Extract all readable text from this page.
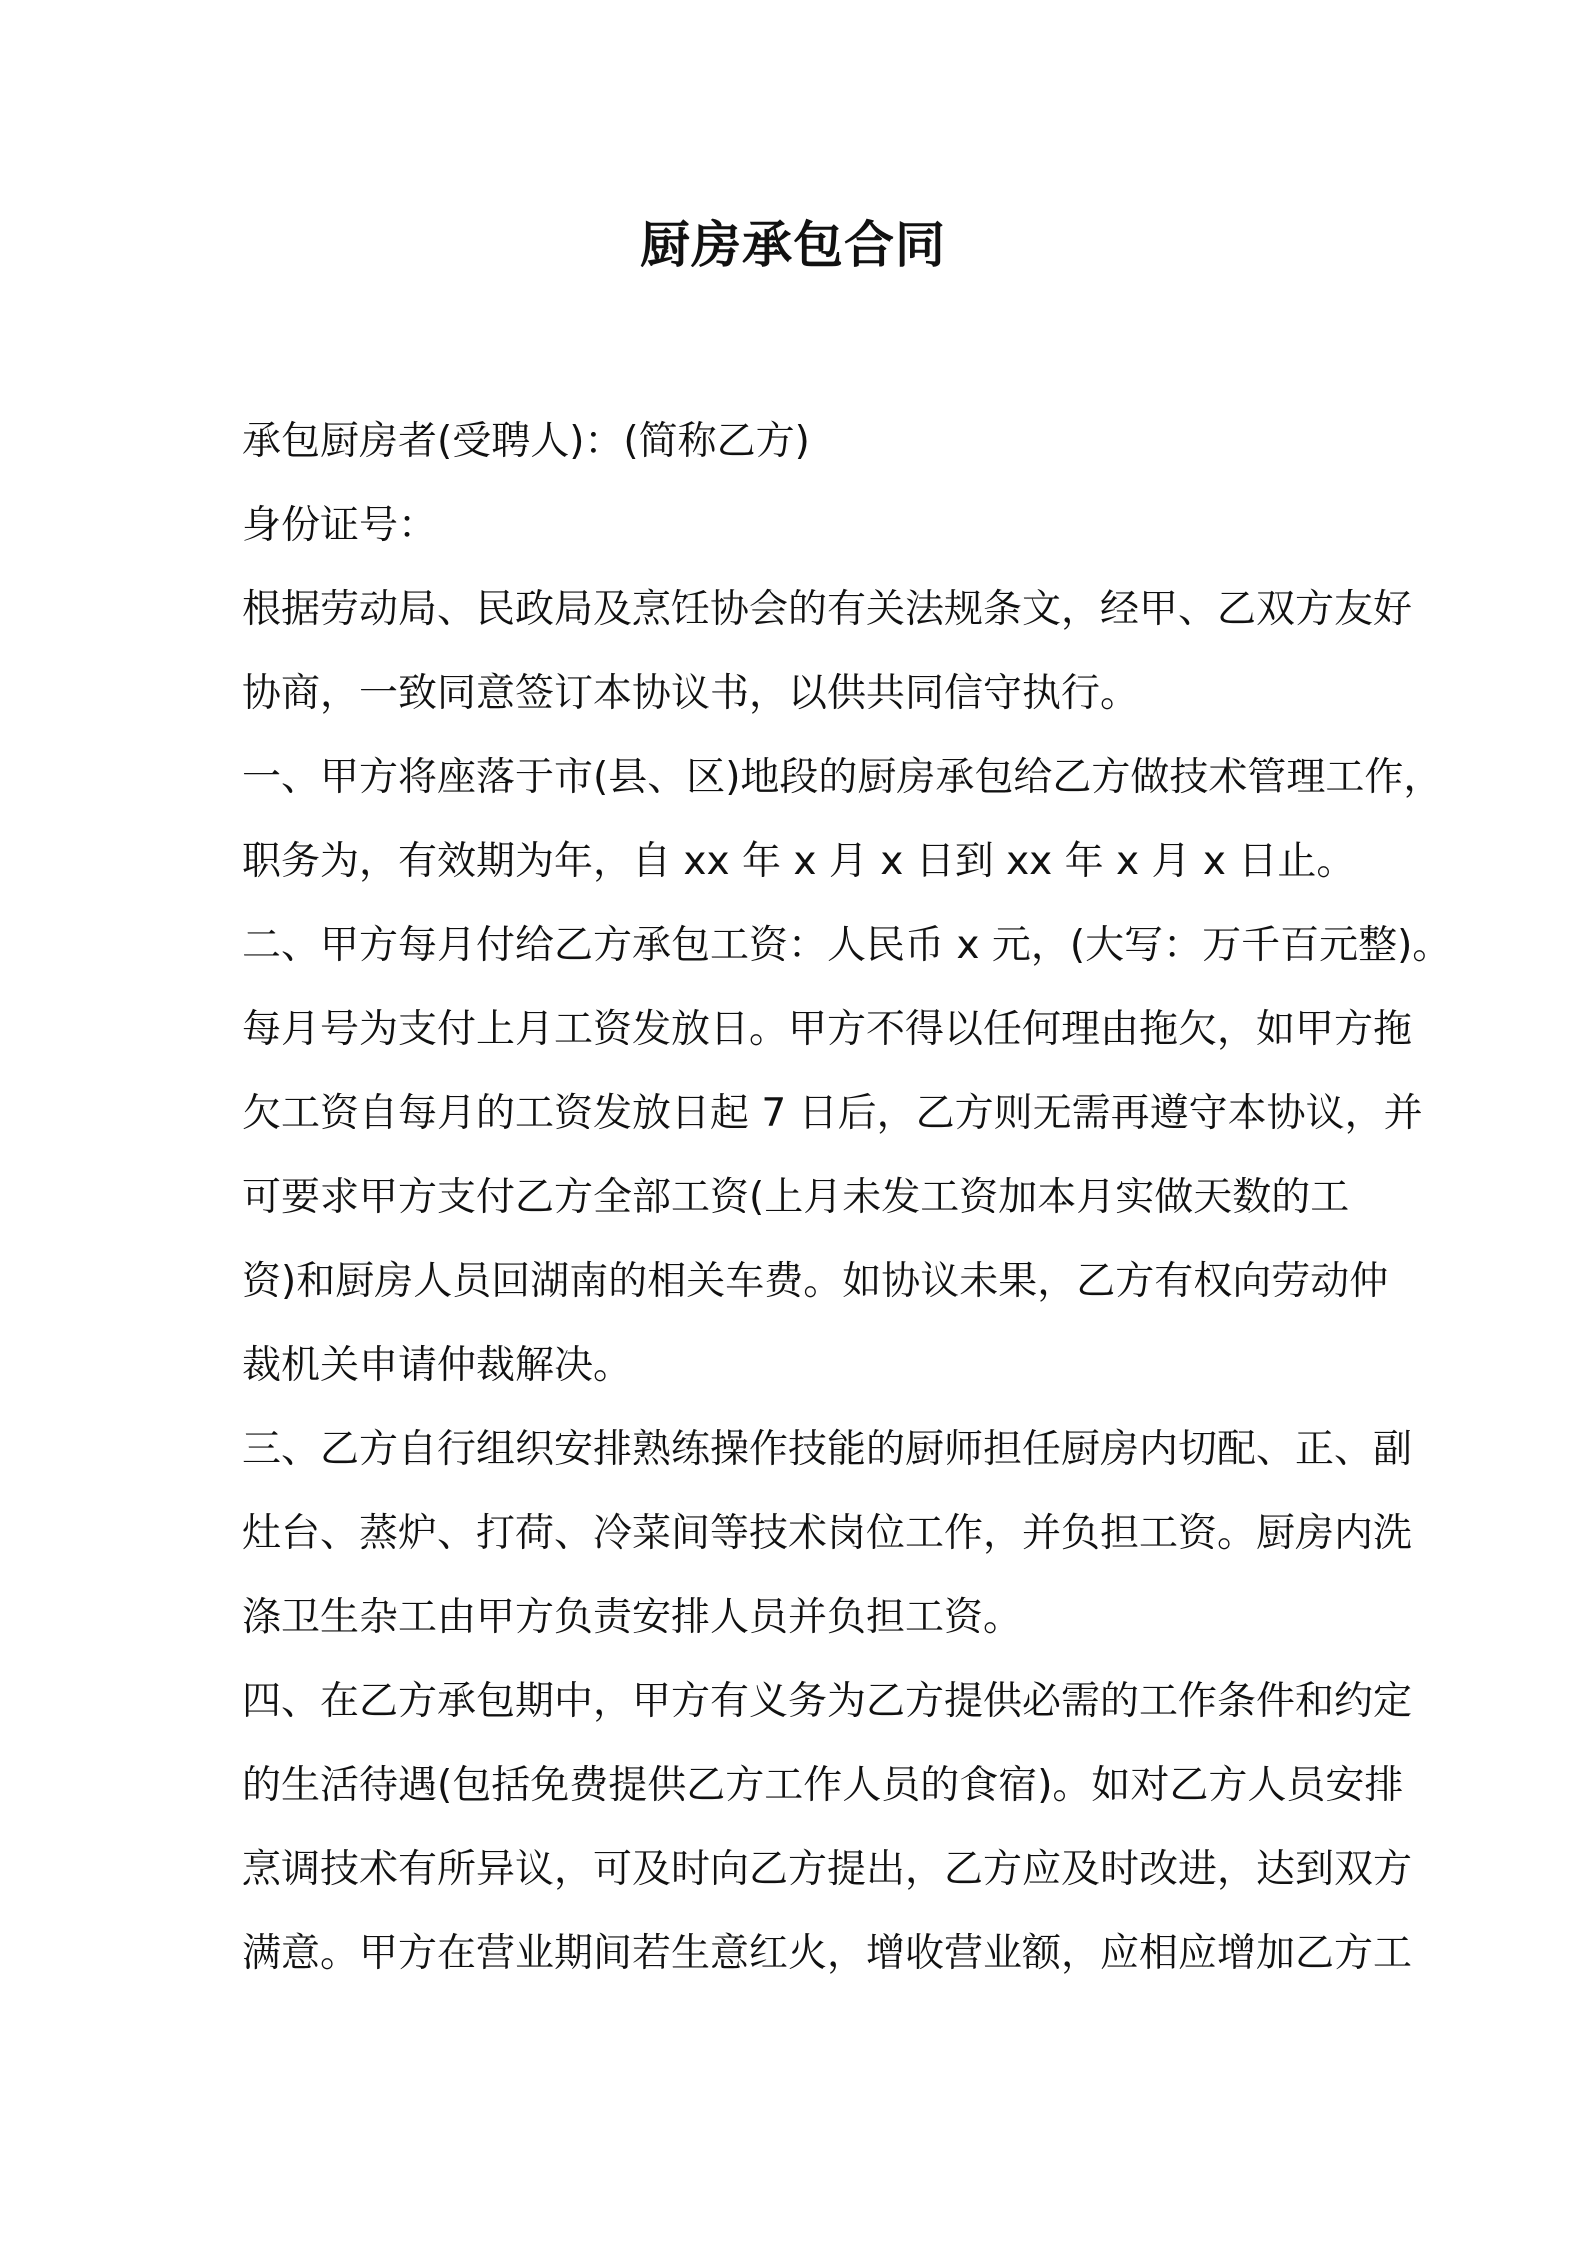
厨房承包合同
承包厨房者(受聘人)：(简称乙方)
身份证号：
根据劳动局、民政局及烹饪协会的有关法规条文，经甲、乙双方友好
协商，一致同意签订本协议书，以供共同信守执行。
一、甲方将座落于市(县、区)地段的厨房承包给乙方做技术管理工作，
职务为，有效期为年，自 xx 年 x 月 x 日到 xx 年 x 月 x 日止。
二、甲方每月付给乙方承包工资：人民币 x 元，(大写：万千百元整)。
每月号为支付上月工资发放日。甲方不得以任何理由拖欠，如甲方拖
欠工资自每月的工资发放日起 7 日后，乙方则无需再遵守本协议，并
可要求甲方支付乙方全部工资(上月未发工资加本月实做天数的工
资)和厨房人员回湖南的相关车费。如协议未果，乙方有权向劳动仲
裁机关申请仲裁解决。
三、乙方自行组织安排熟练操作技能的厨师担任厨房内切配、正、副
灶台、蒸炉、打荷、冷菜间等技术岗位工作，并负担工资。厨房内洗
涤卫生杂工由甲方负责安排人员并负担工资。
四、在乙方承包期中，甲方有义务为乙方提供必需的工作条件和约定
的生活待遇(包括免费提供乙方工作人员的食宿)。如对乙方人员安排
烹调技术有所异议，可及时向乙方提出，乙方应及时改进，达到双方
满意。甲方在营业期间若生意红火，增收营业额，应相应增加乙方工
